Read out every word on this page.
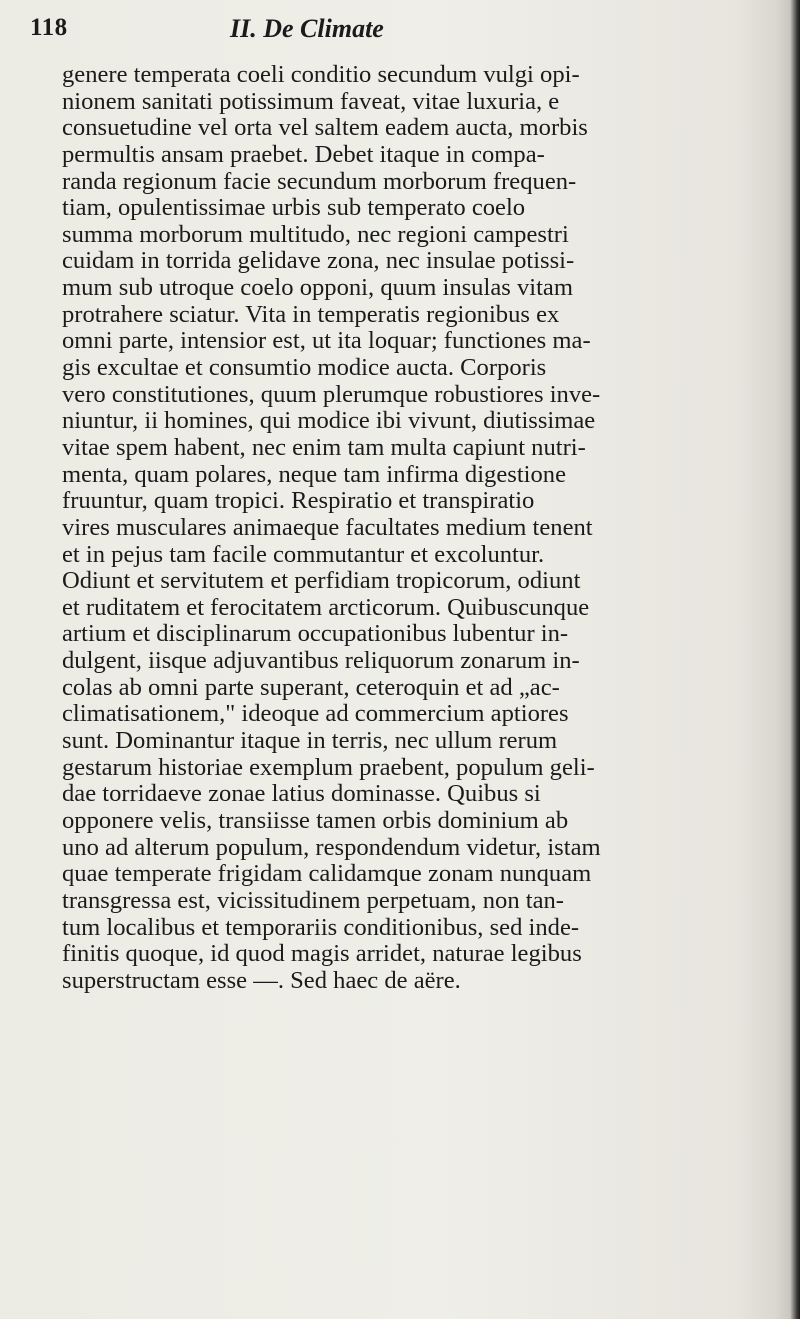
118	II. De Climate
genere temperata coeli conditio secundum vulgi opi-
nionem sanitati potissimum faveat, vitae luxuria, e
consuetudine vel orta vel saltem eadem aucta, morbis
permultis ansam praebet. Debet itaque in compa-
randa regionum facie secundum morborum frequen-
tiam, opulentissimae urbis sub temperato coelo
summa morborum multitudo, nec regioni campestri
cuidam in torrida gelidave zona, nec insulae potissi-
mum sub utroque coelo opponi, quum insulas vitam
protrahere sciatur. Vita in temperatis regionibus ex
omni parte, intensior est, ut ita loquar; functiones ma-
gis excultae et consumtio modice aucta. Corporis
vero constitutiones, quum plerumque robustiores inve-
niuntur, ii homines, qui modice ibi vivunt, diutissimae
vitae spem habent, nec enim tam multa capiunt nutri-
menta, quam polares, neque tam infirma digestione
fruuntur, quam tropici. Respiratio et transpiratio
vires musculares animaeque facultates medium tenent
et in pejus tam facile commutantur et excoluntur.
Odiunt et servitutem et perfidiam tropicorum, odiunt
et ruditatem et ferocitatem arcticorum. Quibuscunque
artium et disciplinarum occupationibus lubentur in-
dulgent, iisque adjuvantibus reliquorum zonarum in-
colas ab omni parte superant, ceteroquin et ad „ac-
climatisationem," ideoque ad commercium aptiores
sunt. Dominantur itaque in terris, nec ullum rerum
gestarum historiae exemplum praebent, populum geli-
dae torridaeve zonae latius dominasse. Quibus si
opponere velis, transiisse tamen orbis dominium ab
uno ad alterum populum, respondendum videtur, istam
quae temperate frigidam calidamque zonam nunquam
transgressa est, vicissitudinem perpetuam, non tan-
tum localibus et temporariis conditionibus, sed inde-
finitis quoque, id quod magis arridet, naturae legibus
superstructam esse —. Sed haec de aëre.
